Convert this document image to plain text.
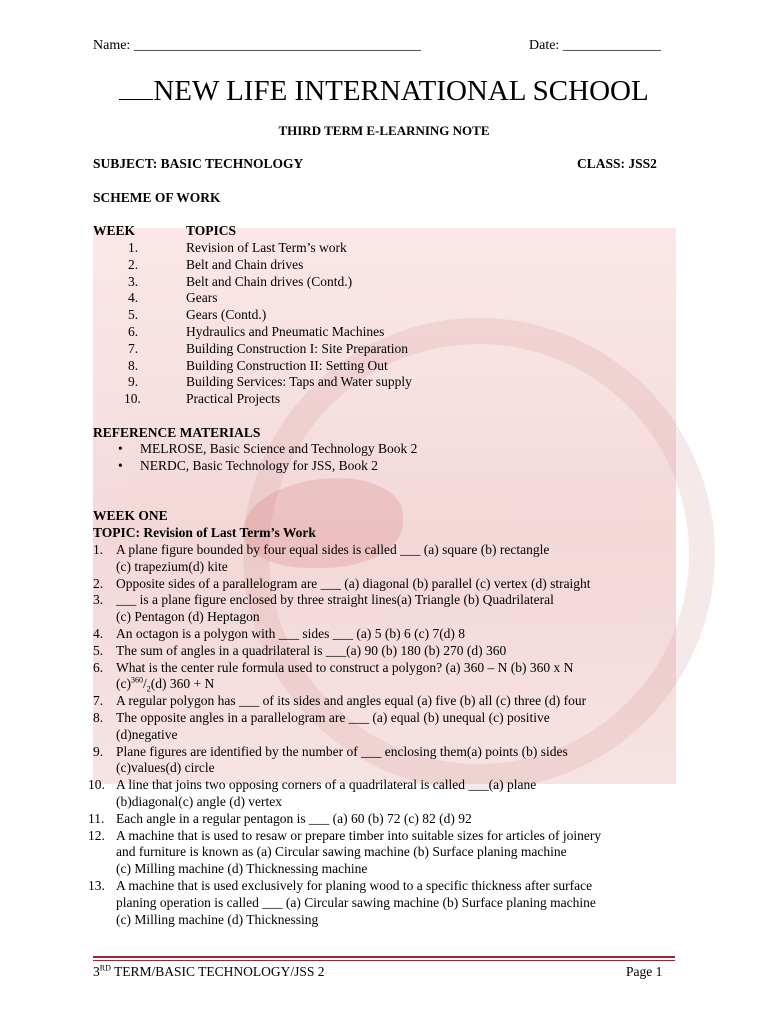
Name: _________________________________________	Date: ______________
NEW LIFE INTERNATIONAL SCHOOL
THIRD TERM E-LEARNING NOTE
SUBJECT: BASIC TECHNOLOGY	CLASS: JSS2
SCHEME OF WORK
WEEK	TOPICS
1.	Revision of Last Term’s work
2.	Belt and Chain drives
3.	Belt and Chain drives (Contd.)
4.	Gears
5.	Gears (Contd.)
6.	Hydraulics and Pneumatic Machines
7.	Building Construction I: Site Preparation
8.	Building Construction II: Setting Out
9.	Building Services: Taps and Water supply
10.	Practical Projects
REFERENCE MATERIALS
• MELROSE, Basic Science and Technology Book 2
• NERDC, Basic Technology for JSS, Book 2
WEEK ONE
TOPIC: Revision of Last Term’s Work
1. A plane figure bounded by four equal sides is called ___ (a) square (b) rectangle
(c) trapezium(d) kite
2. Opposite sides of a parallelogram are ___ (a) diagonal (b) parallel (c) vertex (d) straight
3. ___ is a plane figure enclosed by three straight lines(a) Triangle (b) Quadrilateral
(c) Pentagon (d) Heptagon
4. An octagon is a polygon with ___ sides ___ (a) 5 (b) 6 (c) 7(d) 8
5. The sum of angles in a quadrilateral is ___(a) 90 (b) 180 (b) 270 (d) 360
6. What is the center rule formula used to construct a polygon? (a) 360 – N (b) 360 x N
$(c)^{360}/_2(d) 360 + N$
7. A regular polygon has ___ of its sides and angles equal (a) five (b) all (c) three (d) four
8. The opposite angles in a parallelogram are ___ (a) equal (b) unequal (c) positive
(d)negative
9. Plane figures are identified by the number of ___ enclosing them(a) points (b) sides
(c)values(d) circle
10. A line that joins two opposing corners of a quadrilateral is called ___(a) plane
(b)diagonal(c) angle (d) vertex
11. Each angle in a regular pentagon is ___ (a) 60 (b) 72 (c) 82 (d) 92
12. A machine that is used to resaw or prepare timber into suitable sizes for articles of joinery
and furniture is known as (a) Circular sawing machine (b) Surface planing machine
(c) Milling machine (d) Thicknessing machine
13. A machine that is used exclusively for planing wood to a specific thickness after surface
planing operation is called ___ (a) Circular sawing machine (b) Surface planing machine
(c) Milling machine (d) Thicknessing
3RD TERM/BASIC TECHNOLOGY/JSS 2	Page 1
